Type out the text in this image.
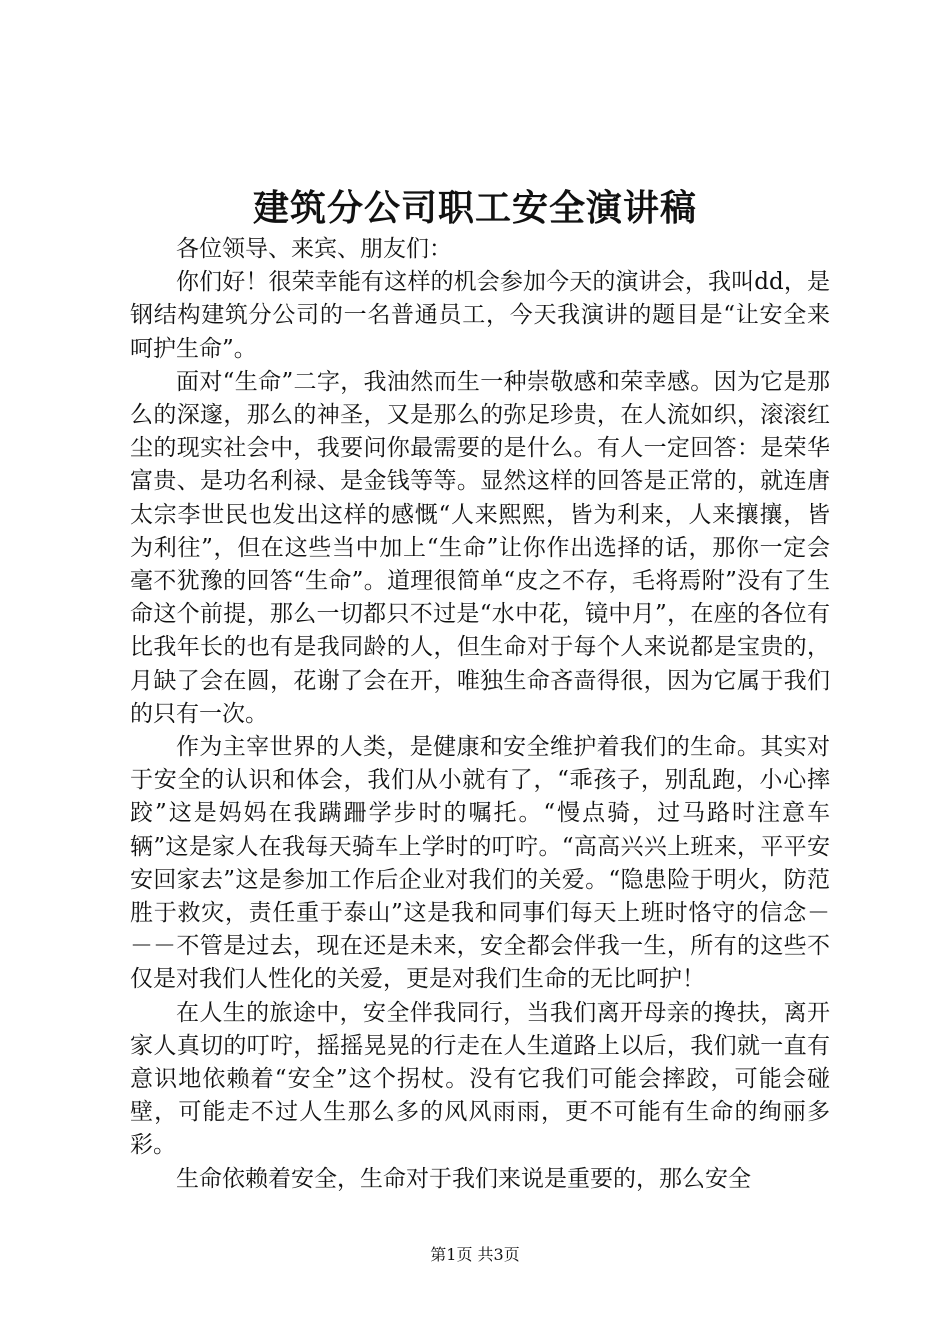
建筑分公司职工安全演讲稿

各位领导、来宾、朋友们：

你们好！很荣幸能有这样的机会参加今天的演讲会，我叫dd，是钢结构建筑分公司的一名普通员工，今天我演讲的题目是“让安全来呵护生命”。

面对“生命”二字，我油然而生一种崇敬感和荣幸感。因为它是那么的深邃，那么的神圣，又是那么的弥足珍贵，在人流如织，滚滚红尘的现实社会中，我要问你最需要的是什么。有人一定回答：是荣华富贵、是功名利禄、是金钱等等。显然这样的回答是正常的，就连唐太宗李世民也发出这样的感慨“人来熙熙，皆为利来，人来攘攘，皆为利往”，但在这些当中加上“生命”让你作出选择的话，那你一定会毫不犹豫的回答“生命”。道理很简单“皮之不存，毛将焉附”没有了生命这个前提，那么一切都只不过是“水中花，镜中月”，在座的各位有比我年长的也有是我同龄的人，但生命对于每个人来说都是宝贵的，月缺了会在圆，花谢了会在开，唯独生命吝啬得很，因为它属于我们的只有一次。

作为主宰世界的人类，是健康和安全维护着我们的生命。其实对于安全的认识和体会，我们从小就有了，“乖孩子，别乱跑，小心摔跤”这是妈妈在我蹒跚学步时的嘱托。“慢点骑，过马路时注意车辆”这是家人在我每天骑车上学时的叮咛。“高高兴兴上班来，平平安安回家去”这是参加工作后企业对我们的关爱。“隐患险于明火，防范胜于救灾，责任重于泰山”这是我和同事们每天上班时恪守的信念－－－不管是过去，现在还是未来，安全都会伴我一生，所有的这些不仅是对我们人性化的关爱，更是对我们生命的无比呵护！

在人生的旅途中，安全伴我同行，当我们离开母亲的搀扶，离开家人真切的叮咛，摇摇晃晃的行走在人生道路上以后，我们就一直有意识地依赖着“安全”这个拐杖。没有它我们可能会摔跤，可能会碰壁，可能走不过人生那么多的风风雨雨，更不可能有生命的绚丽多彩。

生命依赖着安全，生命对于我们来说是重要的，那么安全

第1页 共3页
